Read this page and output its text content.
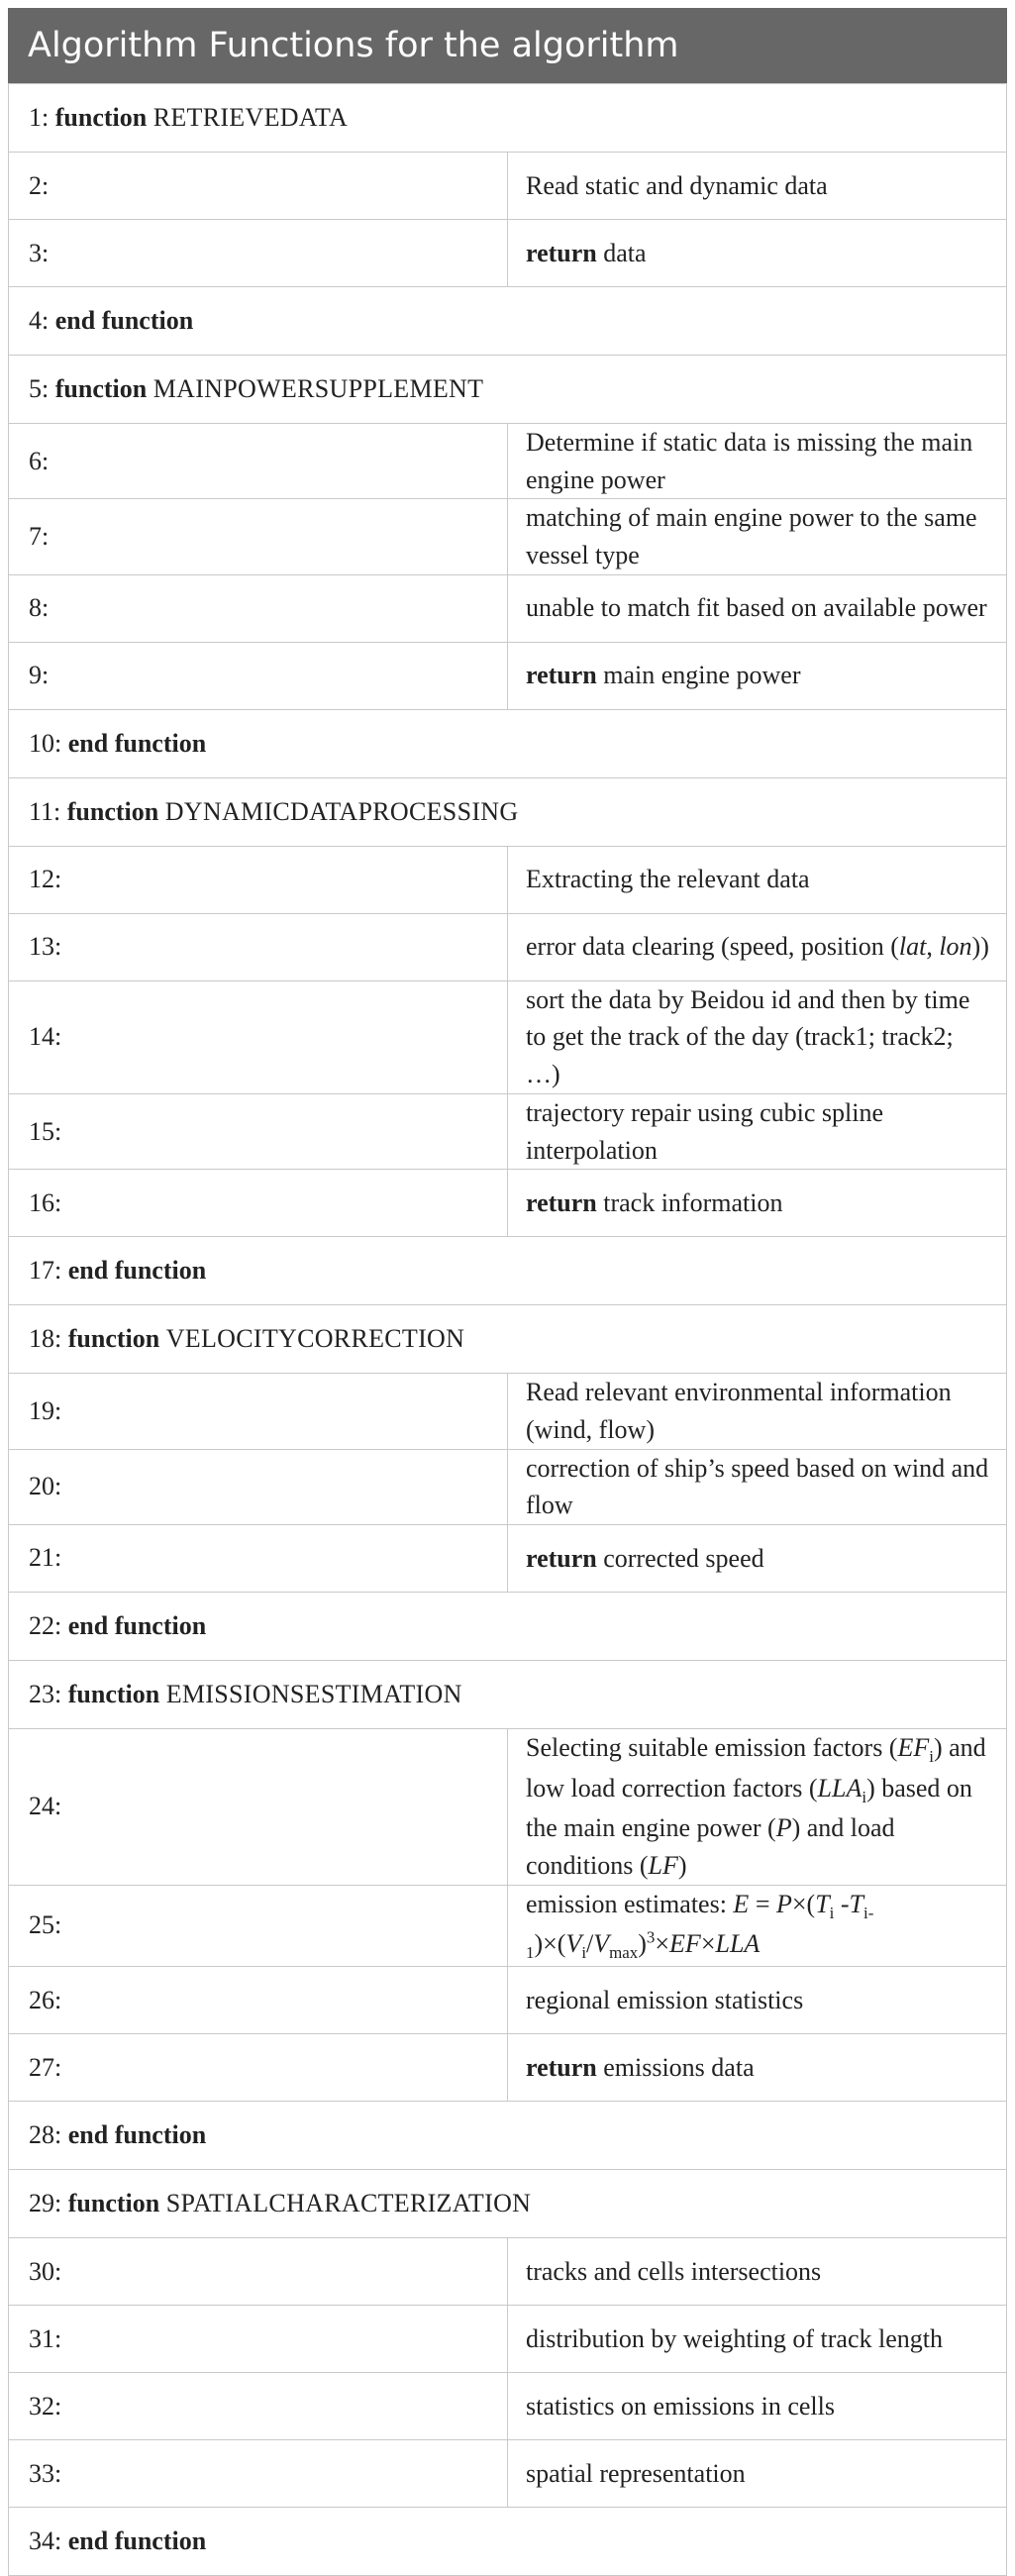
Algorithm Functions for the algorithm
1: function RETRIEVEDATA	
2:	Read static and dynamic data
3:	return data
4: end function	
5: function MAINPOWERSUPPLEMENT	
6:	Determine if static data is missing the main engine power
7:	matching of main engine power to the same vessel type
8:	unable to match fit based on available power
9:	return main engine power
10: end function	
11: function DYNAMICDATAPROCESSING	
12:	Extracting the relevant data
13:	error data clearing (speed, position (lat, lon))
14:	sort the data by Beidou id and then by time to get the track of the day (track1; track2; …)
15:	trajectory repair using cubic spline interpolation
16:	return track information
17: end function	
18: function VELOCITYCORRECTION	
19:	Read relevant environmental information (wind, flow)
20:	correction of ship’s speed based on wind and flow
21:	return corrected speed
22: end function	
23: function EMISSIONSESTIMATION	
24:	Selecting suitable emission factors $(EF_i)$ and low load correction factors $(LLA_i)$ based on the main engine power (P) and load conditions (LF)
25:	emission estimates: $E = P\times(T_i$ $-T_{i-1})\times(V_i/V_{max})^3\times EF\times LLA$
26:	regional emission statistics
27:	return emissions data
28: end function	
29: function SPATIALCHARACTERIZATION	
30:	tracks and cells intersections
31:	distribution by weighting of track length
32:	statistics on emissions in cells
33:	spatial representation
34: end function	
